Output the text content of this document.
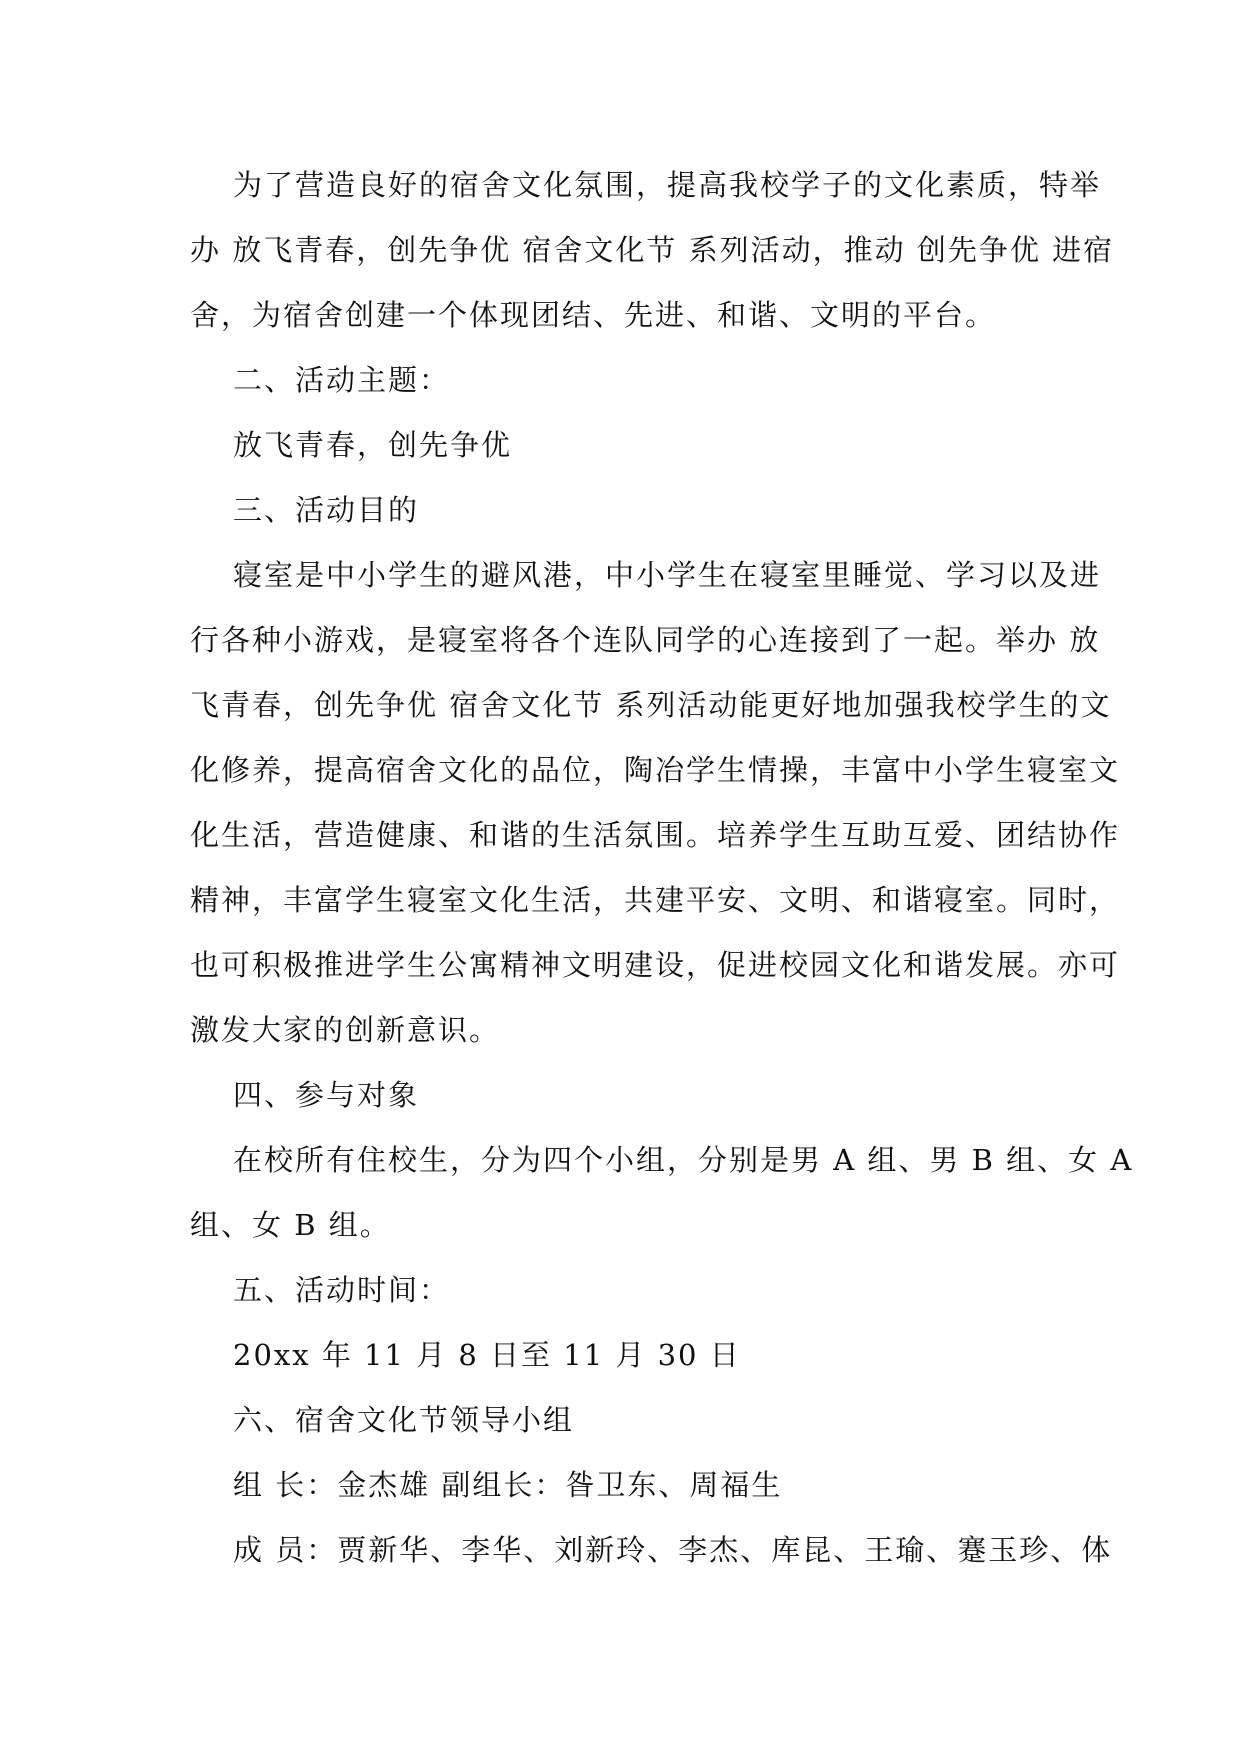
为了营造良好的宿舍文化氛围，提高我校学子的文化素质，特举
办 放飞青春，创先争优 宿舍文化节 系列活动，推动 创先争优 进宿
舍，为宿舍创建一个体现团结、先进、和谐、文明的平台。
二、活动主题：
放飞青春，创先争优
三、活动目的
寝室是中小学生的避风港，中小学生在寝室里睡觉、学习以及进
行各种小游戏，是寝室将各个连队同学的心连接到了一起。举办 放
飞青春，创先争优 宿舍文化节 系列活动能更好地加强我校学生的文
化修养，提高宿舍文化的品位，陶冶学生情操，丰富中小学生寝室文
化生活，营造健康、和谐的生活氛围。培养学生互助互爱、团结协作
精神，丰富学生寝室文化生活，共建平安、文明、和谐寝室。同时，
也可积极推进学生公寓精神文明建设，促进校园文化和谐发展。亦可
激发大家的创新意识。
四、参与对象
在校所有住校生，分为四个小组，分别是男 A 组、男 B 组、女 A
组、女 B 组。
五、活动时间：
20xx 年 11 月 8 日至 11 月 30 日
六、宿舍文化节领导小组
组 长：金杰雄 副组长：昝卫东、周福生
成 员：贾新华、李华、刘新玲、李杰、库昆、王瑜、蹇玉珍、体
